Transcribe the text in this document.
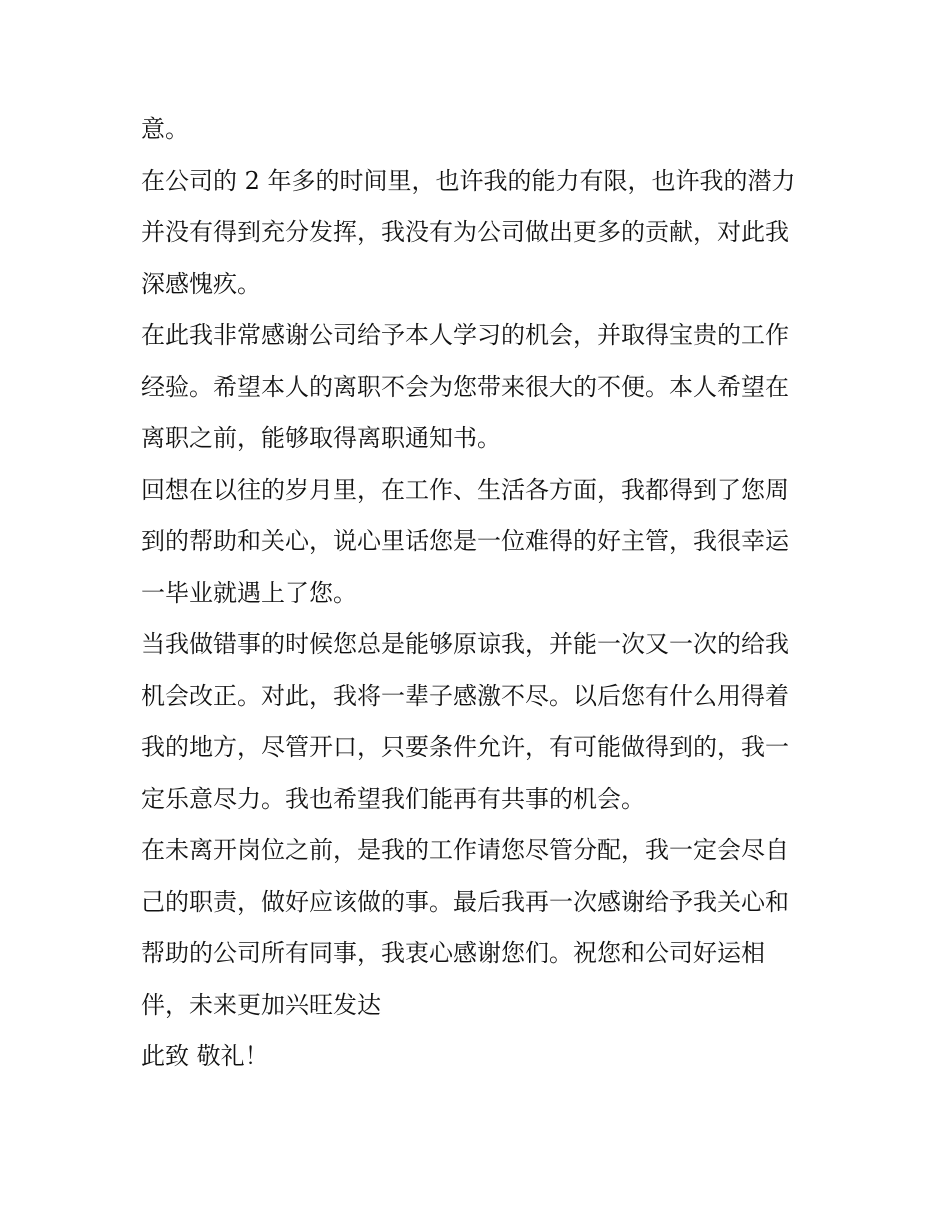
意。
在公司的 2 年多的时间里，也许我的能力有限，也许我的潜力
并没有得到充分发挥，我没有为公司做出更多的贡献，对此我
深感愧疚。
在此我非常感谢公司给予本人学习的机会，并取得宝贵的工作
经验。希望本人的离职不会为您带来很大的不便。本人希望在
离职之前，能够取得离职通知书。
回想在以往的岁月里，在工作、生活各方面，我都得到了您周
到的帮助和关心，说心里话您是一位难得的好主管，我很幸运
一毕业就遇上了您。
当我做错事的时候您总是能够原谅我，并能一次又一次的给我
机会改正。对此，我将一辈子感激不尽。以后您有什么用得着
我的地方，尽管开口，只要条件允许，有可能做得到的，我一
定乐意尽力。我也希望我们能再有共事的机会。
在未离开岗位之前，是我的工作请您尽管分配，我一定会尽自
己的职责，做好应该做的事。最后我再一次感谢给予我关心和
帮助的公司所有同事，我衷心感谢您们。祝您和公司好运相
伴，未来更加兴旺发达
此致 敬礼！
